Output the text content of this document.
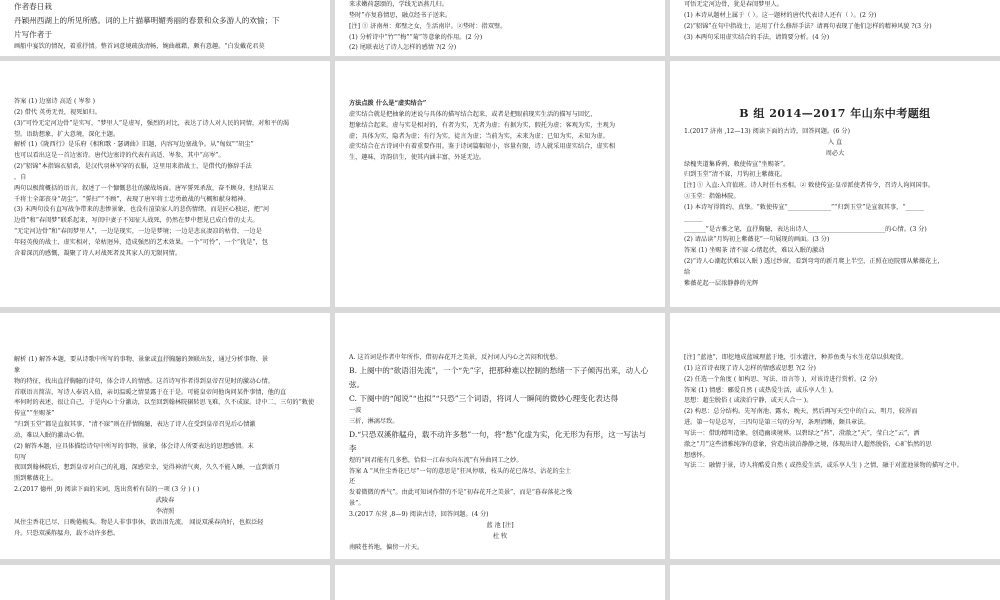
作者春日栽

丹颖州西湖上的所见所感。词的上片描摹明媚秀丽的春景和众多游人的欢愉；下

片写作者于

画船中宴饮的情况，着重抒情。整首词意境疏放清畅，婉曲蕴藉，颇有意趣。“白发戴花君莫

来求嫩荷瑟颂的，学线无语燕几归。

垫时”亦复暮情思，融点经书子送来。

[注] ① 济南州：郑璧之女，生活南岸。②垫时：指双璧。

(1) 分析诗中“竹”“梅”“菊”等意象的作用。(2 分)

(2) 尾联表达了诗人怎样的感情 ?(2 分)

可悟无定河边骨，犹是春闺梦里人。

(1) 本诗从题材上属于（ ）。这一题材的唐代代表诗人还有（ ）。(2 分)

(2)“貂锦”在句中指战士，运用了什么修辞手法？请再句表现了他们怎样的精神风貌 ?(3 分)

(3) 本两句采用虚实结合的手法，请简要分析。(4 分)

答案 (1) 边塞诗 高适 ( 岑参 )

(2) 借代 英勇无畏，视死如归。

(3)“可怜无定河边骨”是实写，“梦里人”是虚写，强烈的对比，表达了诗人对人民的同情，对和平的渴

望。语助想象，扩大意境，深化主题。

解析 (1)《陇西行》是乐府《相和歌 · 瑟调曲》旧题，内容写边塞战争。从“匈奴”“胡尘”

也可以看出这是一首边塞诗。唐代边塞诗的代表有高适、岑参，其中“高岑”。

(2)“貂锦”本指锦衣貂裘，是汉代羽林军穿的衣服，这里用来指战士，是借代的修辞手法

，自

两句以极简概括的语言，叙述了一个慷慨悲壮的激战场面。唐军誓死杀敌，奋不顾身，但结果五

千将士全部丧身“胡尘”。“誓扫”“不顾”，表现了唐军将士忠勇敢战的气概和献身精神。

(3) 末两句没有直写战争带来的悲惨景象，也没有渲染家人的悲伤情绪，而是匠心独运，把“河

边骨”和“春闺梦”联系起来，写闺中妻子不知征人战死，仍然在梦中想见已成白骨的丈夫。

“无定河边骨”和“春闺梦里人”，一边是现实，一边是梦境；一边是悲哀凄凉的枯骨，一边是

年轻英俊的战士，虚实相对，荣枯迥异，造成强烈的艺术效果。一个“可怜”，一个“犹是”，包

含着深沉的感慨，凝聚了诗人对战死者及其家人的无限同情。

方法点拨 什么是“虚实结合”

虚实结合就是把抽象的述说与具体的描写结合起来，或者是把眼前现实生活的描写与回忆、

想象结合起来。虚与实是相对的，有者为实，无者为虚；有据为实，假托为虚；客观为实，主观为

虚；具体为实，隐者为虚；有行为实，徒言为虚；当前为实，未来为虚；已知为实，未知为虚。

虚实结合在古诗词中有着重要作用。鉴于诗词篇幅短小，容量有限，诗人就采用虚实结合，虚实相

生，趣味，诗韵信生，使其内涵丰富，外延无边。

B 组 2014—2017 年山东中考题组

1.(2017 济南 ,12—13) 阅读下面的古诗，回答问题。(6 分)

入 直

周必大

绿槐夹道集昏鸦，敕使传宣“坐赐茶”。

归到玉堂”清不寐，月钩初上紫薇花。

[注] ① 入直:入宫值班。诗人时任右丞相。② 敕使传宣:皇帝派使者传令，召诗人询问国事。

③玉堂：指翰林院。

(1) 本诗写得简约、真挚。“敕使传宣“______________”“归到玉堂”是宣叙其事，“______

______

_______”是古雅之笔，直抒胸臆，表达出诗人_________________________的心情。(3 分)

(2) 请品读“月钩初上紫薇花”一句展现的画面。(3 分)

答案 (1) 坐赐茶 清不寐 心绪起伏，难以入眠的激动

(2)“诗人心潮起伏难以入眠 ) 透过纱窗，看到弯弯的新月爬上半空，正照在庭院那从紫薇花上，

给

紫薇花起一层浓静静的光辉

解析 (1) 解答本题，要从诗歌中所写的事物、景象或直抒胸臆的颈联出发，通过分析事物、景

象

物的特征，找出直抒胸臆的诗句，体会诗人的情感。这首诗写作者得到皇帝召见时的激动心情。

首联语言简洁，写诗人奉诏入值，亲切温暖之情显露于在于是。可能皇帝问他询问某件事情，他的直

率何时的表述，很让自己，于是内心十分激动，以至回到翰林院辗转思飞难，久不成寐。诗中二、三句的“敕使传宣”“坐赐茶”

“归到玉堂”都是直叙其事，“清不寐”则在抒情胸臆，表达了诗人在受到皇帝召见后心情激

动，难以入眠的激动心情。

(2) 解答本题，应具体描绘诗句中所写的事物、景象，体会诗人所要表达的思想感情。末

句写

夜回到翰林院后，想到皇帝对自己的礼遇，深感荣幸，觉得神清气爽，久久不能入睡，一直到新月

照到紫薇花上。

2.(2017 德州 ,9) 阅读下面的宋词，选出赏析有误的一项 (3 分 ) ( )

武陵春

李清照

风住尘香花已尽，日晚倦梳头。物是人非事事休，欲语泪先流。 闻说双溪春尚好，也拟泛轻

舟。只恐双溪舴艋舟，载不动许多愁。

A. 这首词是作者中年所作，借初春花开之美景，反衬词人内心之苦闷和忧愁。

B. 上阕中的“欲语泪先流”，一个“先”字，把那种难以控制的愁绪一下子倾泻出来，动人心

弦。

C. 下阕中的“闻说”“也拟”“只恐”三个词语，将词人一瞬间的微妙心理变化表达得

一波

三折，淋漓尽致。

D.“只恐双溪舴艋舟，载不动许多愁”一句，将“愁”化虚为实，化无形为有形，这一写法与李

煜的“问君能有几多愁，恰似一江春水向东流”有异曲同工之妙。

答案 A “风住尘香花已尽”一句的意思是“狂风停歇，枝头的花已落尽，沾花的尘土

还

发着微微的香气”。由此可知词作借的不是“初春花开之美景”，而是“暮春落花之残

景”。

3.(2017 东营 ,8—9) 阅读古诗，回答问题。(4 分)

蓝 池 [注]

杜 牧

南陂苍苔地，偏傍一片天。

[注] “蓝池”，即挖地成蓝城理蓝于地，引水灌注，种养鱼类与水生花草以供观赏。

(1) 这首诗表现了诗人怎样的情感或思想 ?(2 分)

(2) 任选一个角度 ( 如构思、写法、语言等 )，对该诗进行赏析。(2 分)

答案 (1) 情感：郦爱自然 ( 或热爱生活，或乐享人生 )。

思想：超尘脱俗 ( 或淡泊宁静，或天人合一 )。

(2) 构思：总分结构。先写南池、露水，晚天，然后再写天空中的白云、明月，较浑而

进。第一句是总写，三四句是第三句的分写，条理清晰，颇具章法。

写法一：借助精明造象，创造幽谈境界。以碧绿之“苔”，澄澈之“天”，莹白之“云”，洒

澈之“月”这些清雅纯净的意象，营造出淡泊静静之境，体现出诗人超然脱俗，心旷怡然的思

想感怀。

写法二：融情于景，诗人将酷爱自然 ( 或热爱生活，或乐享人生 ) 之情，融于对蓝池景物的描写之中。
